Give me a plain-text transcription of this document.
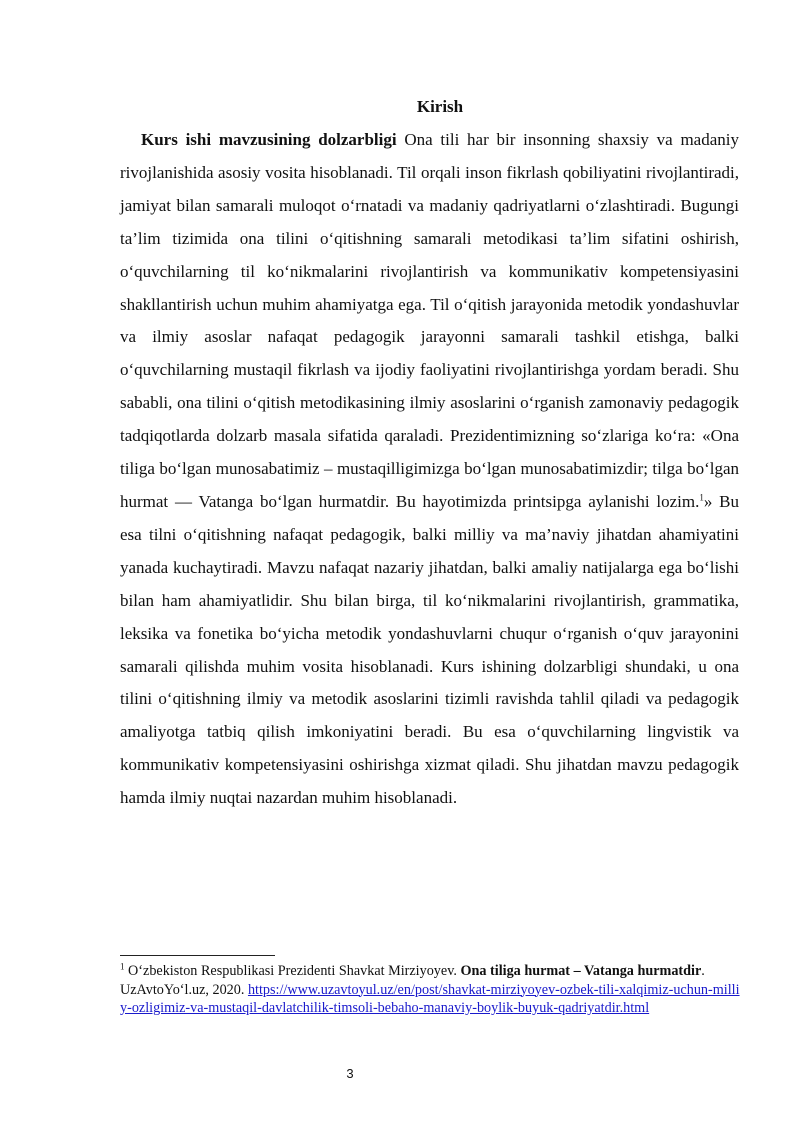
Kirish

Kurs ishi mavzusining dolzarbligi Ona tili har bir insonning shaxsiy va madaniy rivojlanishida asosiy vosita hisoblanadi. Til orqali inson fikrlash qobiliyatini rivojlantiradi, jamiyat bilan samarali muloqot o‘rnatadi va madaniy qadriyatlarni o‘zlashtiradi. Bugungi ta’lim tizimida ona tilini o‘qitishning samarali metodikasi ta’lim sifatini oshirish, o‘quvchilarning til ko‘nikmalarini rivojlantirish va kommunikativ kompetensiyasini shakllantirish uchun muhim ahamiyatga ega. Til o‘qitish jarayonida metodik yondashuvlar va ilmiy asoslar nafaqat pedagogik jarayonni samarali tashkil etishga, balki o‘quvchilarning mustaqil fikrlash va ijodiy faoliyatini rivojlantirishga yordam beradi. Shu sababli, ona tilini o‘qitish metodikasining ilmiy asoslarini o‘rganish zamonaviy pedagogik tadqiqotlarda dolzarb masala sifatida qaraladi. Prezidentimizning so‘zlariga ko‘ra: «Ona tiliga bo‘lgan munosabatimiz – mustaqilligimizga bo‘lgan munosabatimizdir; tilga bo‘lgan hurmat — Vatanga bo‘lgan hurmatdir. Bu hayotimizda printsipga aylanishi lozim.$^1$» Bu esa tilni o‘qitishning nafaqat pedagogik, balki milliy va ma’naviy jihatdan ahamiyatini yanada kuchaytiradi. Mavzu nafaqat nazariy jihatdan, balki amaliy natijalarga ega bo‘lishi bilan ham ahamiyatlidir. Shu bilan birga, til ko‘nikmalarini rivojlantirish, grammatika, leksika va fonetika bo‘yicha metodik yondashuvlarni chuqur o‘rganish o‘quv jarayonini samarali qilishda muhim vosita hisoblanadi. Kurs ishining dolzarbligi shundaki, u ona tilini o‘qitishning ilmiy va metodik asoslarini tizimli ravishda tahlil qiladi va pedagogik amaliyotga tatbiq qilish imkoniyatini beradi. Bu esa o‘quvchilarning lingvistik va kommunikativ kompetensiyasini oshirishga xizmat qiladi. Shu jihatdan mavzu pedagogik hamda ilmiy nuqtai nazardan muhim hisoblanadi.

$^1$ O‘zbekiston Respublikasi Prezidenti Shavkat Mirziyoyev. Ona tiliga hurmat – Vatanga hurmatdir. UzAvtoYo‘l.uz, 2020. https://www.uzavtoyul.uz/en/post/shavkat-mirziyoyev-ozbek-tili-xalqimiz-uchun-milliy-ozligimiz-va-mustaqil-davlatchilik-timsoli-bebaho-manaviy-boylik-buyuk-qadriyatdir.html

3
